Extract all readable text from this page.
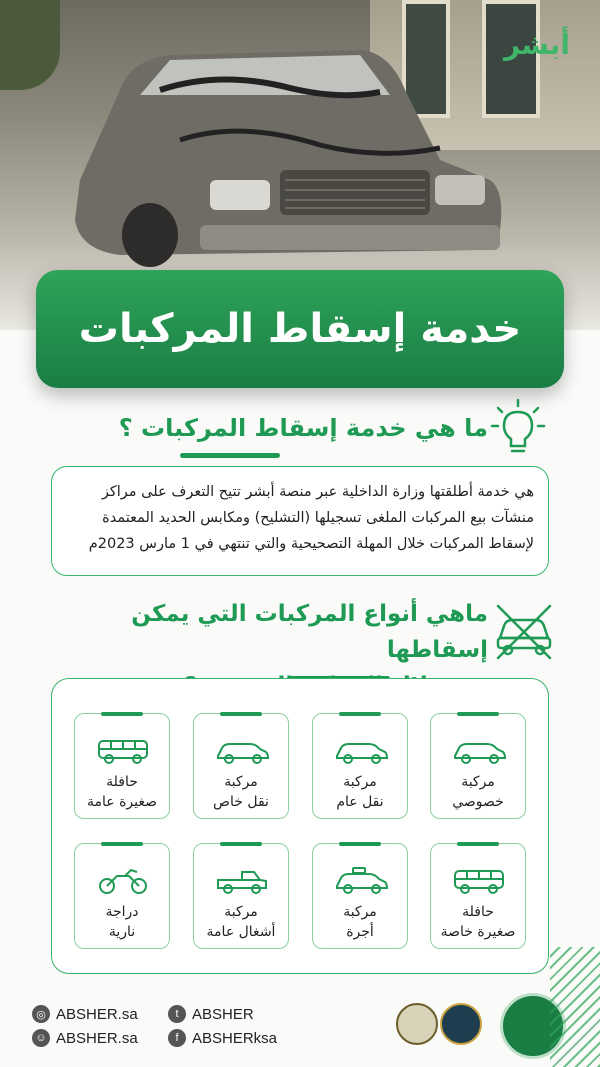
أبشر
خدمة إسقاط المركبات
ما هي خدمة إسقاط المركبات ؟

هي خدمة أطلقتها وزارة الداخلية عبر منصة أبشر تتيح التعرف على مراكز منشآت بيع المركبات الملغى تسجيلها (التشليح) ومكابس الحديد المعتمدة لإسقاط المركبات خلال المهلة التصحيحية والتي تنتهي في 1 مارس 2023م

ماهي أنواع المركبات التي يمكن إسقاطها
مركبة
خصوصي
مركبة
نقل عام
مركبة
نقل خاص
حافلة
صغيرة عامة
حافلة
صغيرة خاصة
مركبة
أجرة
مركبة
أشغال عامة
دراجة
نارية
◎ ABSHER.sa	t ABSHER
☺ ABSHER.sa	f ABSHERksa
